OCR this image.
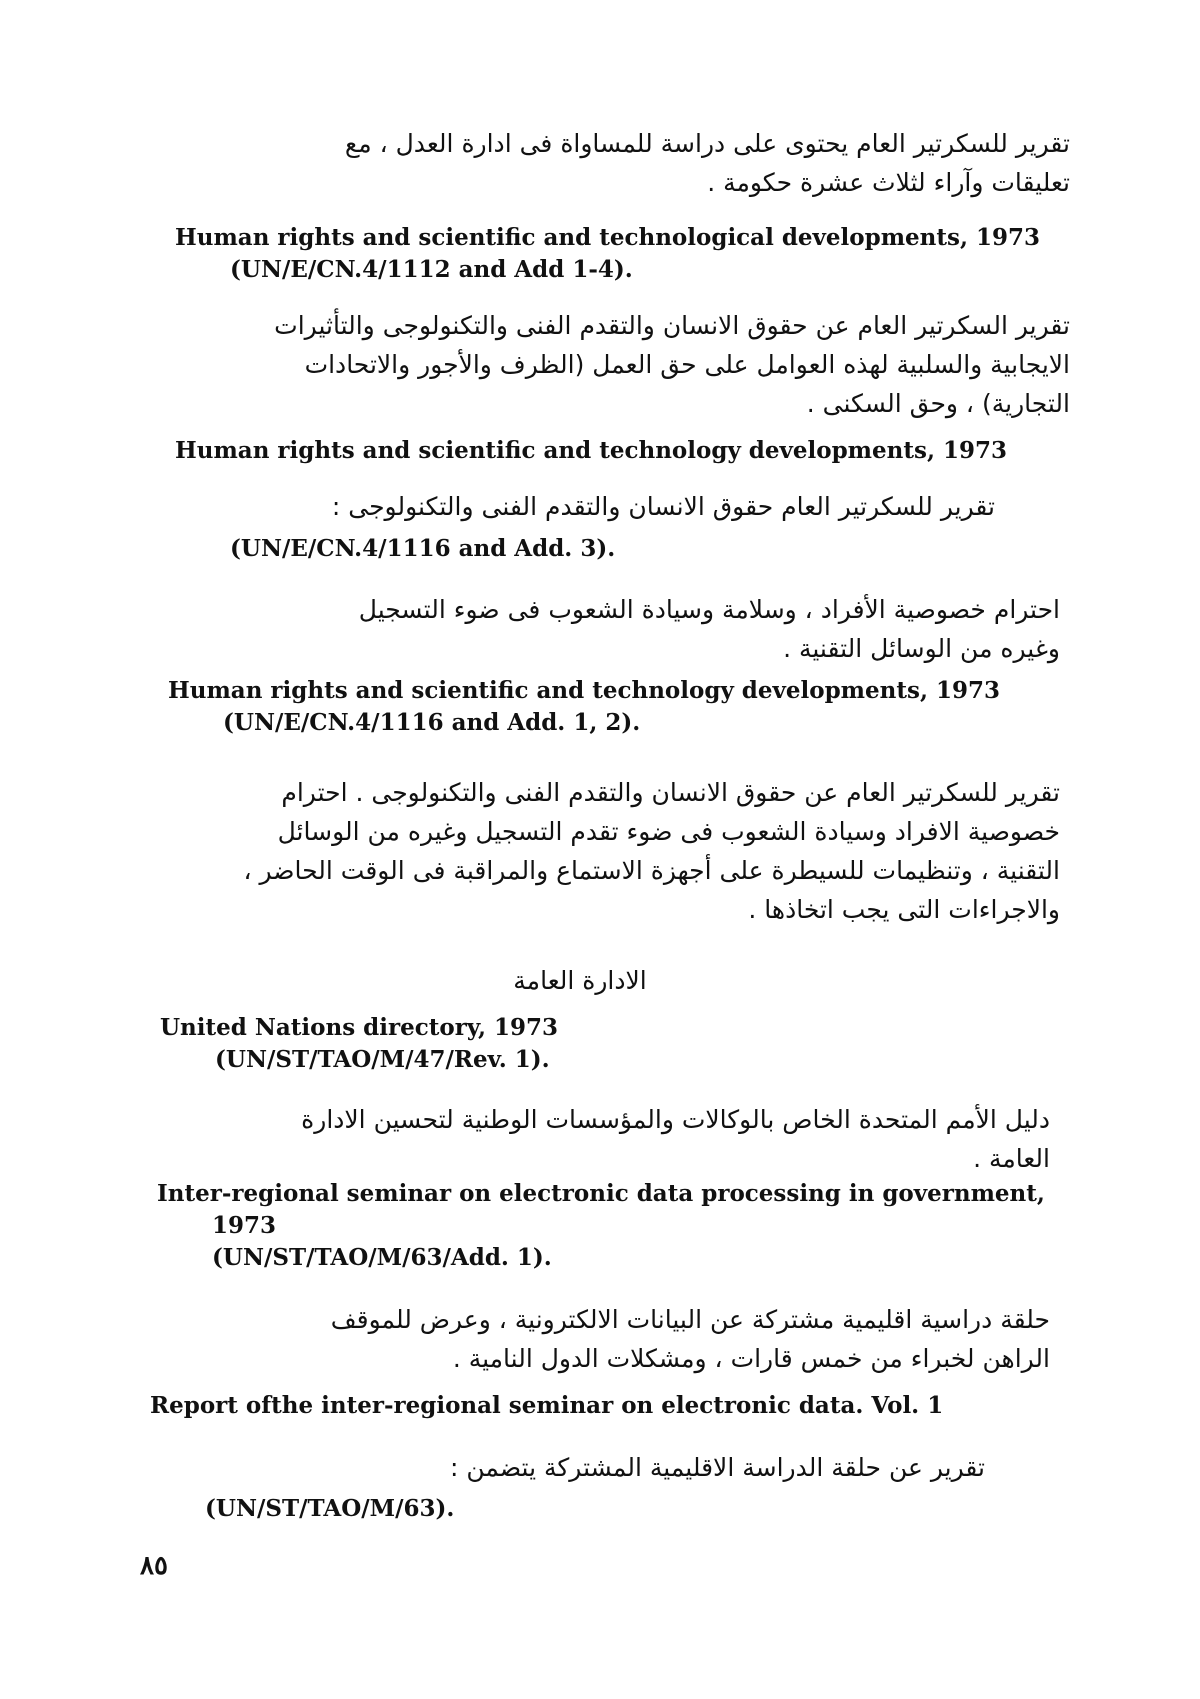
تقرير للسكرتير العام يحتوى على دراسة للمساواة فى ادارة العدل ، مع
تعليقات وآراء لثلاث عشرة حكومة .
Human rights and scientific and technological developments, 1973
(UN/E/CN.4/1112 and Add 1-4).
تقرير السكرتير العام عن حقوق الانسان والتقدم الفنى والتكنولوجى والتأثيرات
الايجابية والسلبية لهذه العوامل على حق العمل (الظرف والأجور والاتحادات
التجارية) ، وحق السكنى .
Human rights and scientific and technology developments, 1973
تقرير للسكرتير العام حقوق الانسان والتقدم الفنى والتكنولوجى :
(UN/E/CN.4/1116 and Add. 3).
احترام خصوصية الأفراد ، وسلامة وسيادة الشعوب فى ضوء التسجيل
وغيره من الوسائل التقنية .
Human rights and scientific and technology developments, 1973
(UN/E/CN.4/1116 and Add. 1, 2).
تقرير للسكرتير العام عن حقوق الانسان والتقدم الفنى والتكنولوجى . احترام
خصوصية الافراد وسيادة الشعوب فى ضوء تقدم التسجيل وغيره من الوسائل
التقنية ، وتنظيمات للسيطرة على أجهزة الاستماع والمراقبة فى الوقت الحاضر ،
والاجراءات التى يجب اتخاذها .
الادارة العامة
United Nations directory, 1973
(UN/ST/TAO/M/47/Rev. 1).
دليل الأمم المتحدة الخاص بالوكالات والمؤسسات الوطنية لتحسين الادارة
العامة .
Inter-regional seminar on electronic data processing in government,
1973
(UN/ST/TAO/M/63/Add. 1).
حلقة دراسية اقليمية مشتركة عن البيانات الالكترونية ، وعرض للموقف
الراهن لخبراء من خمس قارات ، ومشكلات الدول النامية .
Report ofthe inter-regional seminar on electronic data. Vol. 1
تقرير عن حلقة الدراسة الاقليمية المشتركة يتضمن :
(UN/ST/TAO/M/63).
٨٥
